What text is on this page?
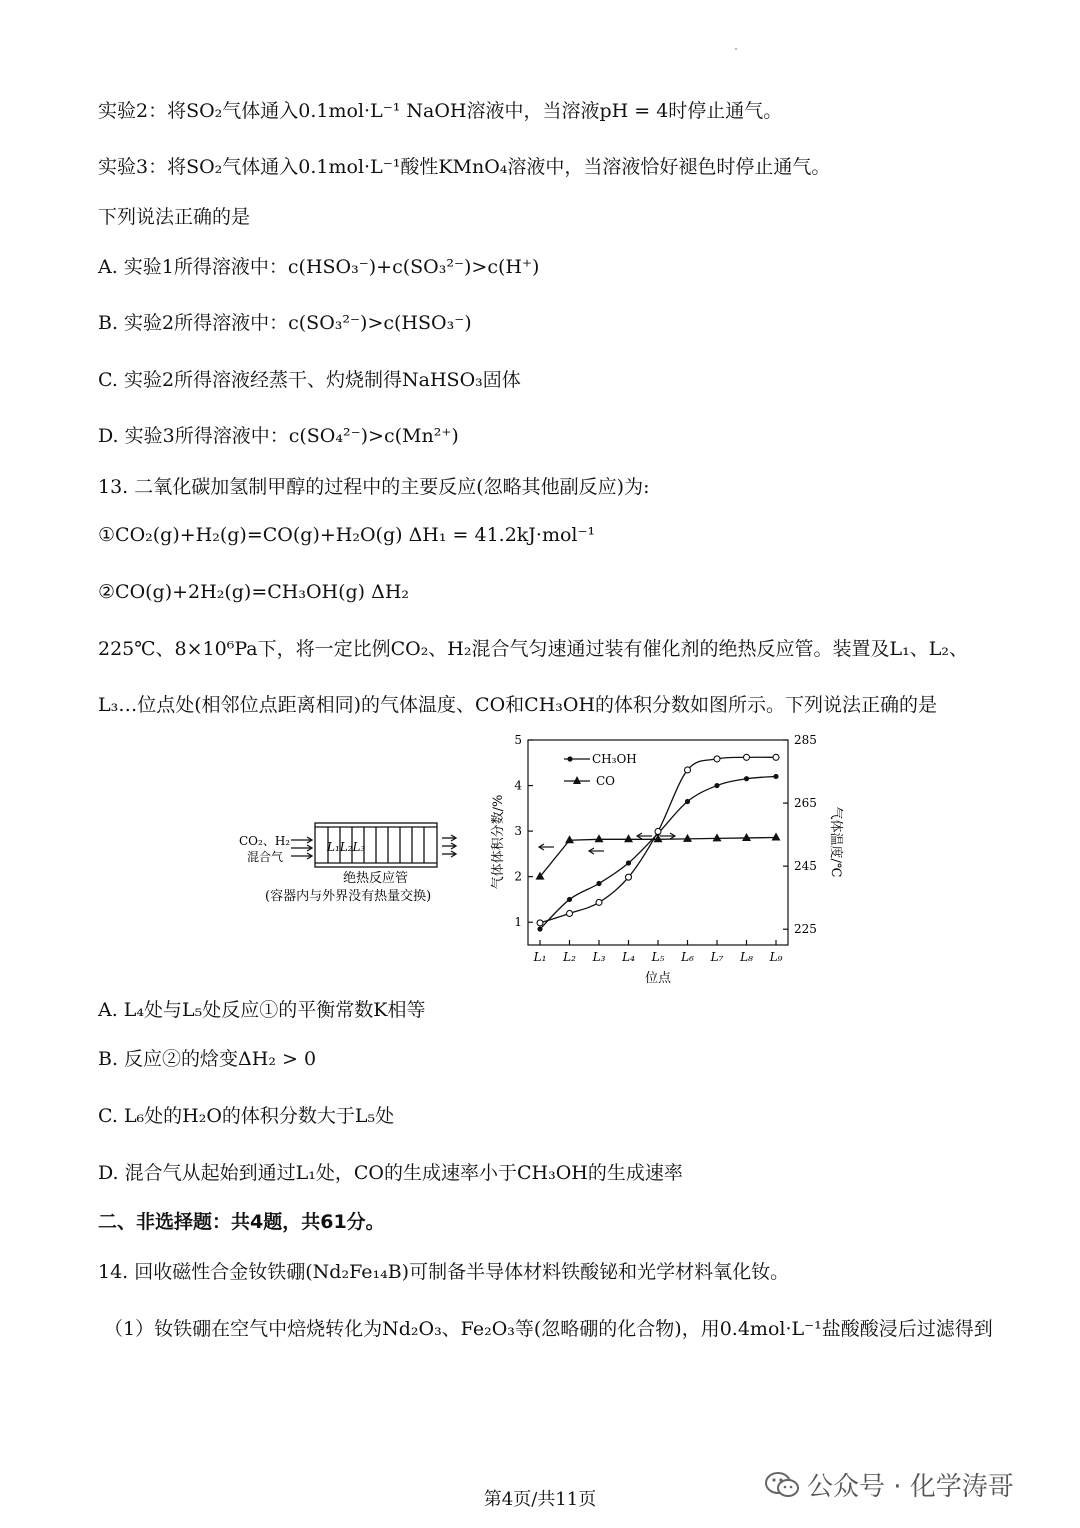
实验2：将SO₂气体通入0.1mol·L⁻¹ NaOH溶液中，当溶液pH = 4时停止通气。
实验3：将SO₂气体通入0.1mol·L⁻¹酸性KMnO₄溶液中，当溶液恰好褪色时停止通气。
下列说法正确的是
A. 实验1所得溶液中：c(HSO₃⁻)+c(SO₃²⁻)>c(H⁺)
B. 实验2所得溶液中：c(SO₃²⁻)>c(HSO₃⁻)
C. 实验2所得溶液经蒸干、灼烧制得NaHSO₃固体
D. 实验3所得溶液中：c(SO₄²⁻)>c(Mn²⁺)
13. 二氧化碳加氢制甲醇的过程中的主要反应(忽略其他副反应)为:
①CO₂(g)+H₂(g)=CO(g)+H₂O(g) ΔH₁ = 41.2kJ·mol⁻¹
②CO(g)+2H₂(g)=CH₃OH(g) ΔH₂
225℃、8×10⁶Pa下，将一定比例CO₂、H₂混合气匀速通过装有催化剂的绝热反应管。装置及L₁、L₂、
L₃…位点处(相邻位点距离相同)的气体温度、CO和CH₃OH的体积分数如图所示。下列说法正确的是
CO₂、H₂
混合气
L₁L₂L₃
绝热反应管
(容器内与外界没有热量交换)
1
2
3
4
5
225
245
265
285
L₁ L₂ L₃ L₄ L₅ L₆ L₇ L₈ L₉
CH₃OH
CO
气体体积分数/%	气体温度/℃
位点
A. L₄处与L₅处反应①的平衡常数K相等
B. 反应②的焓变ΔH₂ > 0
C. L₆处的H₂O的体积分数大于L₅处
D. 混合气从起始到通过L₁处，CO的生成速率小于CH₃OH的生成速率
二、非选择题：共4题，共61分。
14. 回收磁性合金钕铁硼(Nd₂Fe₁₄B)可制备半导体材料铁酸铋和光学材料氧化钕。
（1）钕铁硼在空气中焙烧转化为Nd₂O₃、Fe₂O₃等(忽略硼的化合物)，用0.4mol·L⁻¹盐酸酸浸后过滤得到
第4页/共11页	公众号 · 化学涛哥
